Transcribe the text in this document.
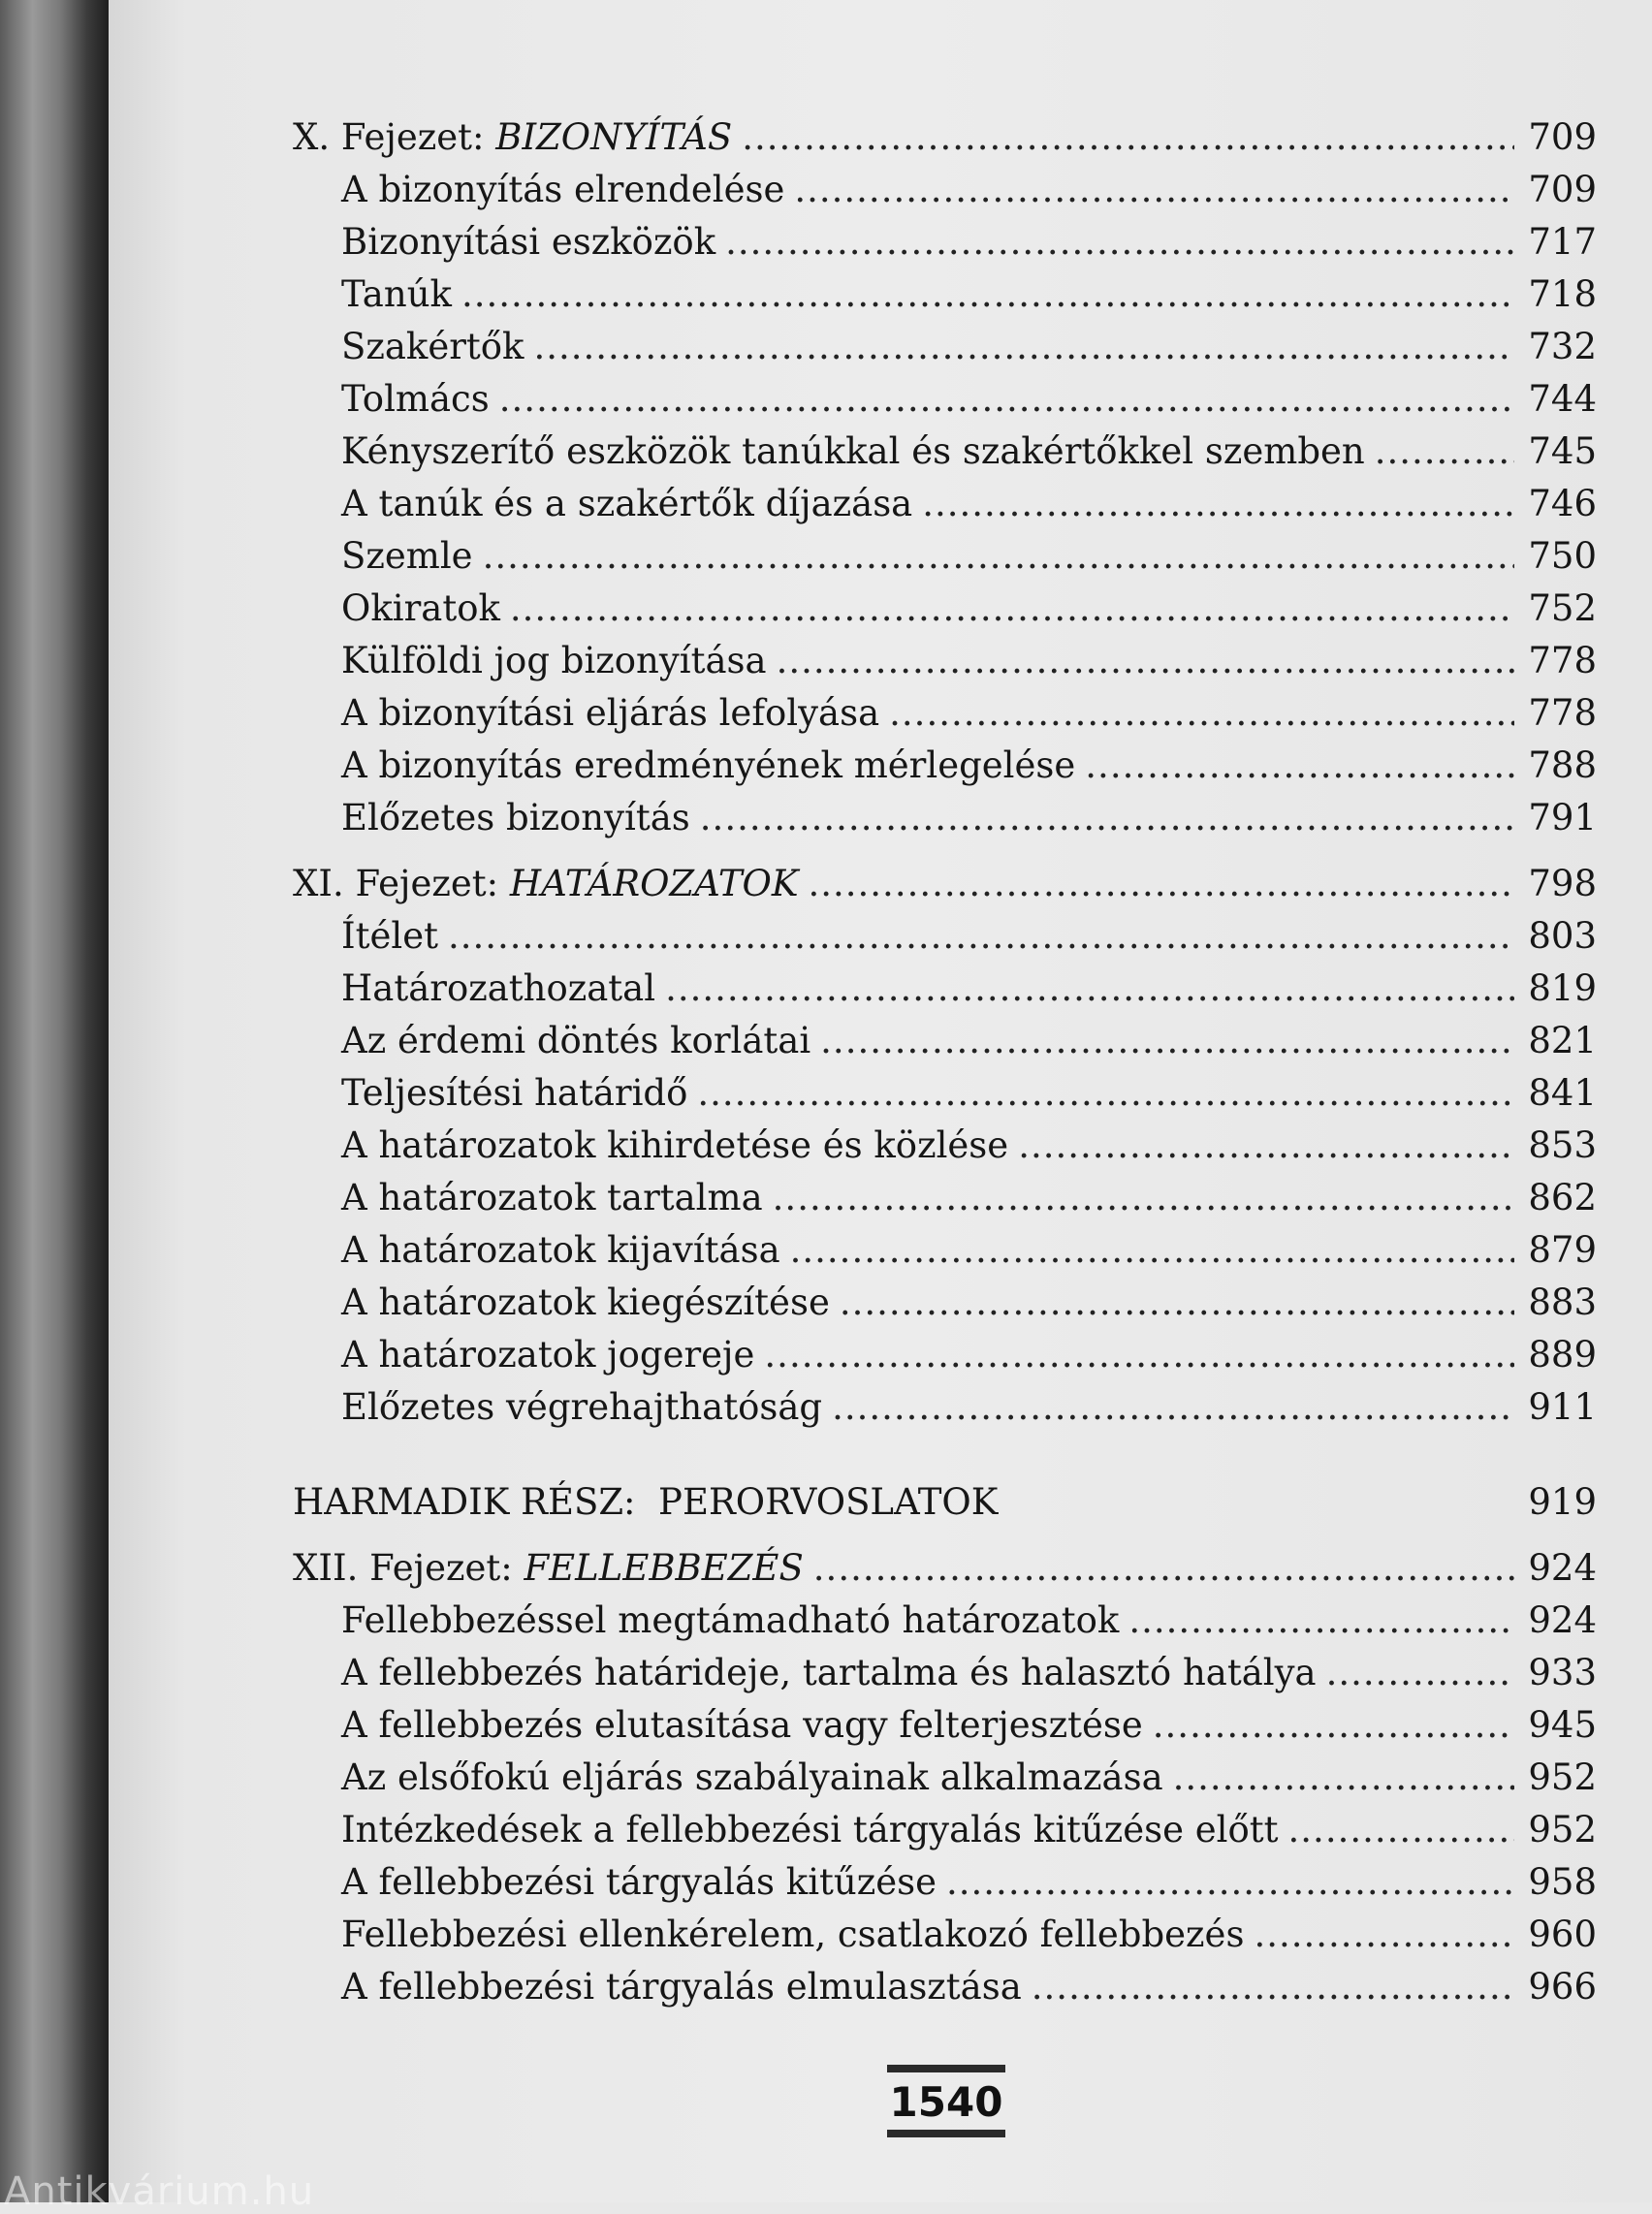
X. Fejezet: BIZONYÍTÁS .....	709
A bizonyítás elrendelése .....	709
Bizonyítási eszközök .....	717
Tanúk .....	718
Szakértők .....	732
Tolmács .....	744
Kényszerítő eszközök tanúkkal és szakértőkkel szemben .....	745
A tanúk és a szakértők díjazása .....	746
Szemle .....	750
Okiratok .....	752
Külföldi jog bizonyítása .....	778
A bizonyítási eljárás lefolyása .....	778
A bizonyítás eredményének mérlegelése .....	788
Előzetes bizonyítás .....	791
XI. Fejezet: HATÁROZATOK .....	798
Ítélet .....	803
Határozathozatal .....	819
Az érdemi döntés korlátai .....	821
Teljesítési határidő .....	841
A határozatok kihirdetése és közlése .....	853
A határozatok tartalma .....	862
A határozatok kijavítása .....	879
A határozatok kiegészítése .....	883
A határozatok jogereje .....	889
Előzetes végrehajthatóság .....	911
HARMADIK RÉSZ:  PERORVOSLATOK	919
XII. Fejezet: FELLEBBEZÉS .....	924
Fellebbezéssel megtámadható határozatok .....	924
A fellebbezés határideje, tartalma és halasztó hatálya .....	933
A fellebbezés elutasítása vagy felterjesztése .....	945
Az elsőfokú eljárás szabályainak alkalmazása .....	952
Intézkedések a fellebbezési tárgyalás kitűzése előtt .....	952
A fellebbezési tárgyalás kitűzése .....	958
Fellebbezési ellenkérelem, csatlakozó fellebbezés .....	960
A fellebbezési tárgyalás elmulasztása .....	966
1540
Antikvárium.hu
